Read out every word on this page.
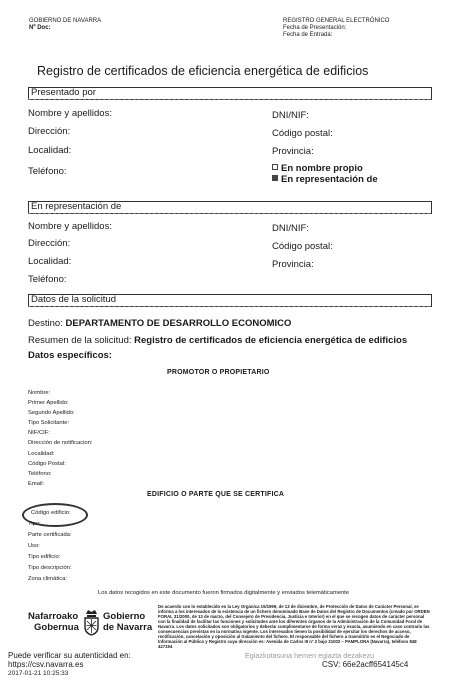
GOBIERNO DE NAVARRA
Nº Doc:
REGISTRO GENERAL ELECTRÓNICO
Fecha de Presentación:
Fecha de Entrada:
Registro de certificados de eficiencia energética de edificios
Presentado por
Nombre y apellidos:	DNI/NIF:
Dirección:	Código postal:
Localidad:	Provincia:
Teléfono:	En nombre propio
En representación de
En representación de
Nombre y apellidos:	DNI/NIF:
Dirección:	Código postal:
Localidad:	Provincia:
Teléfono:
Datos de la solicitud
Destino: DEPARTAMENTO DE DESARROLLO ECONOMICO
Resumen de la solicitud: Registro de certificados de eficiencia energética de edificios
Datos específicos:
PROMOTOR O PROPIETARIO
Nombre:
Primer Apellido:
Segundo Apellido:
Tipo Solicitante:
NIF/CIF:
Dirección de notificacion:
Localidad:
Código Postal:
Teléfono:
Email:
EDIFICIO O PARTE QUE SE CERTIFICA
Código edificio:
Tipo:
Parte certificada:
Uso:
Tipo edificio:
Tipo descripción:
Zona climática:
Los datos recogidos en este documento fueron firmados digitalmente y enviados telemáticamente
Nafarroako
Gobernua
Gobierno
de Navarra
De acuerdo con lo establecido en la Ley Orgánica 15/1999, de 13 de diciembre, de Protección de Datos de Carácter Personal, se informa a los interesados de la existencia de un fichero denominado Base de Datos del Registro de Documentos (creado por ORDEN FORAL 31/2000, de 13 de marzo, del Consejero de Presidencia, Justicia e Interior) en el que se recogen datos de carácter personal con la finalidad de facilitar las funciones y solicitudes ante los diferentes órganos de la Administración de la Comunidad Foral de Navarra. Los datos solicitados son obligatorios y deberán cumplimentarse de forma veraz y exacta, asumiendo en caso contrario las consecuencias previstas en la normativa vigente. Los interesados tienen la posibilidad de ejercitar los derechos de acceso, rectificación, cancelación y oposición al tratamiento del fichero. El responsable del fichero a trasmitirlo es el Negociado de Información al Público y Registro cuya dirección es: Avenida de Carlos III nº 2 bajo 31002 – PAMPLONA (Navarra), teléfono 848 427194
Puede verificar su autenticidad en:
https://csv.navarra.es
2017-01-21 10:25:33
Egiazkotasuna hemen egiazta dezakezu
CSV: 66e2acff654145c4
